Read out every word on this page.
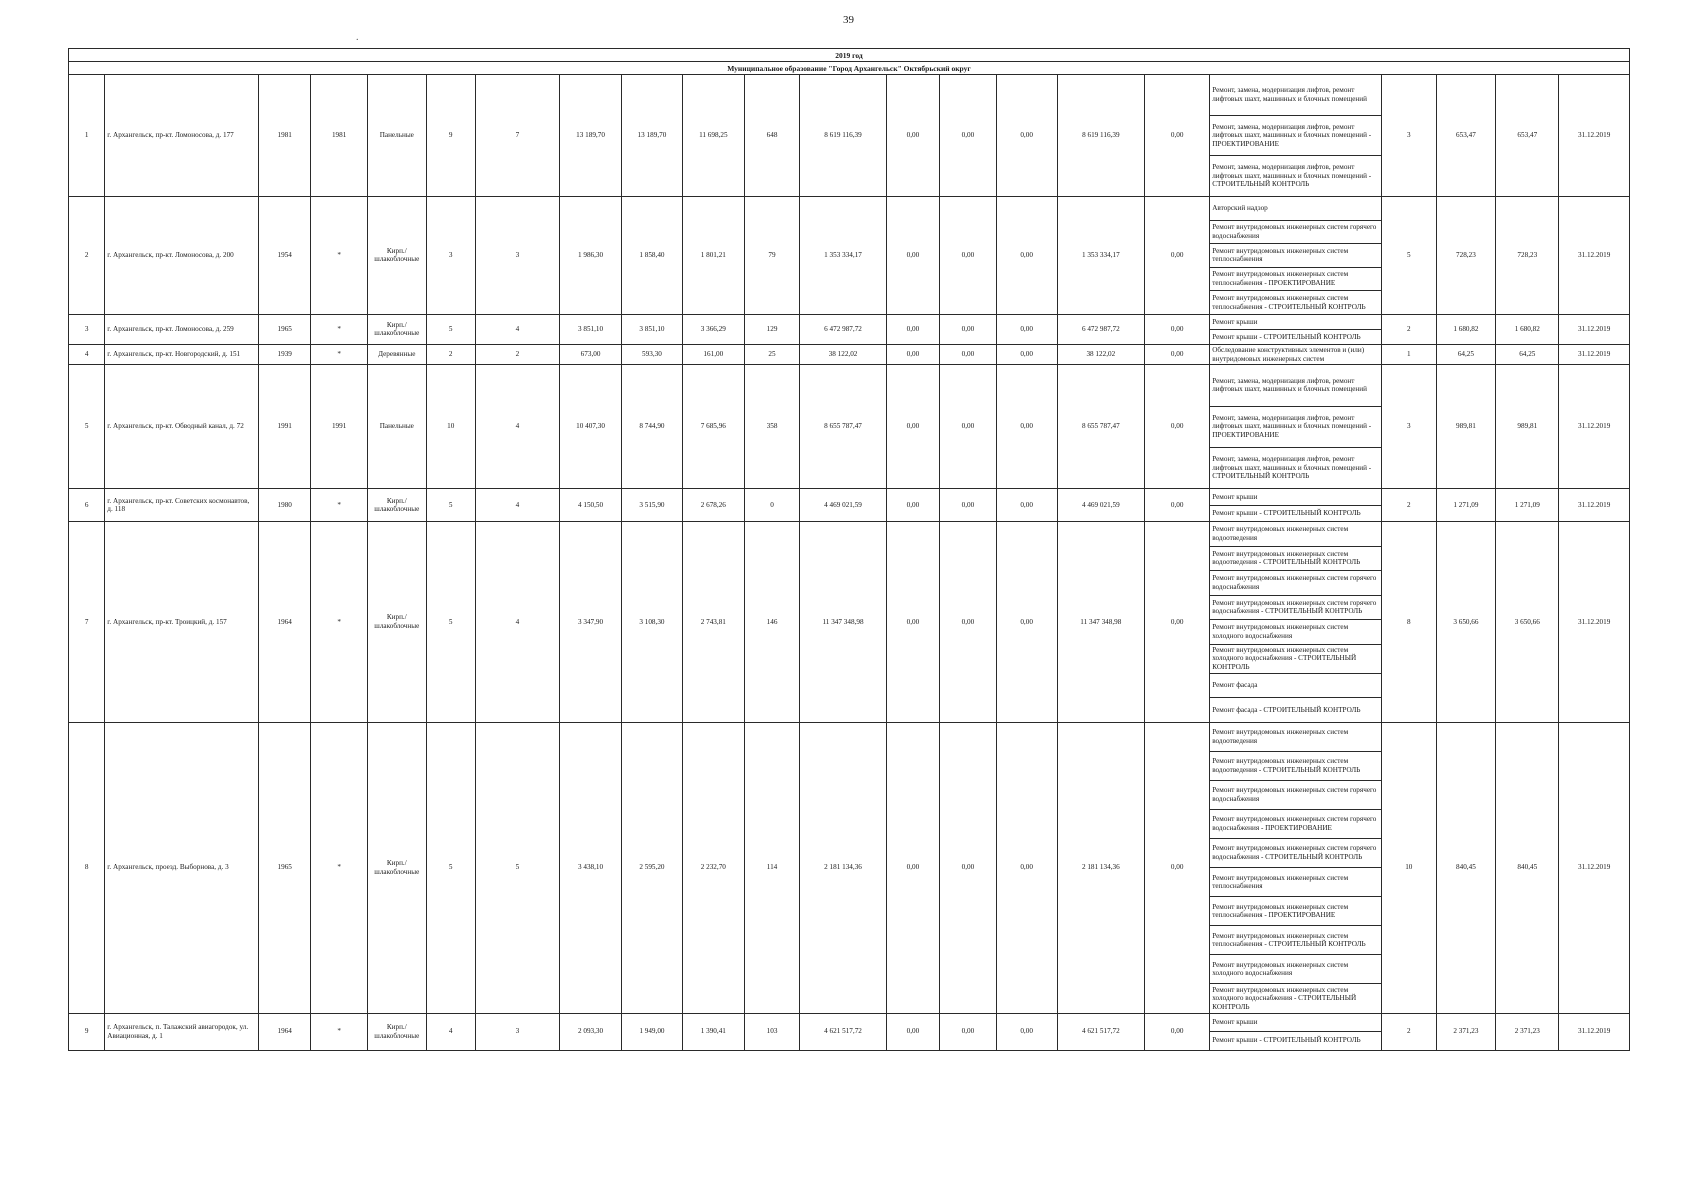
39
.
2019 год																					
Муниципальное образование "Город Архангельск" Октябрьский округ																					
1	г. Архангельск, пр-кт. Ломоносова, д. 177	1981	1981	Панельные	9	7	13 189,70	13 189,70	11 698,25	648	8 619 116,39	0,00	0,00	0,00	8 619 116,39	0,00	Ремонт, замена, модернизация лифтов, ремонт лифтовых шахт, машинных и блочных помещений	3	653,47	653,47	31.12.2019
																	Ремонт, замена, модернизация лифтов, ремонт лифтовых шахт, машинных и блочных помещений - ПРОЕКТИРОВАНИЕ				
																	Ремонт, замена, модернизация лифтов, ремонт лифтовых шахт, машинных и блочных помещений - СТРОИТЕЛЬНЫЙ КОНТРОЛЬ				
2	г. Архангельск, пр-кт. Ломоносова, д. 200	1954	*	Кирп./ шлакоблочные	3	3	1 986,30	1 858,40	1 801,21	79	1 353 334,17	0,00	0,00	0,00	1 353 334,17	0,00	Авторский надзор	5	728,23	728,23	31.12.2019
																	Ремонт внутридомовых инженерных систем горячего водоснабжения				
																	Ремонт внутридомовых инженерных систем теплоснабжения				
																	Ремонт внутридомовых инженерных систем теплоснабжения - ПРОЕКТИРОВАНИЕ				
																	Ремонт внутридомовых инженерных систем теплоснабжения - СТРОИТЕЛЬНЫЙ КОНТРОЛЬ				
3	г. Архангельск, пр-кт. Ломоносова, д. 259	1965	*	Кирп./ шлакоблочные	5	4	3 851,10	3 851,10	3 366,29	129	6 472 987,72	0,00	0,00	0,00	6 472 987,72	0,00	Ремонт крыши	2	1 680,82	1 680,82	31.12.2019
																	Ремонт крыши - СТРОИТЕЛЬНЫЙ КОНТРОЛЬ				
4	г. Архангельск, пр-кт. Новгородский, д. 151	1939	*	Деревянные	2	2	673,00	593,30	161,00	25	38 122,02	0,00	0,00	0,00	38 122,02	0,00	Обследование конструктивных элементов и (или) внутридомовых инженерных систем	1	64,25	64,25	31.12.2019
5	г. Архангельск, пр-кт. Обводный канал, д. 72	1991	1991	Панельные	10	4	10 407,30	8 744,90	7 685,96	358	8 655 787,47	0,00	0,00	0,00	8 655 787,47	0,00	Ремонт, замена, модернизация лифтов, ремонт лифтовых шахт, машинных и блочных помещений	3	989,81	989,81	31.12.2019
																	Ремонт, замена, модернизация лифтов, ремонт лифтовых шахт, машинных и блочных помещений - ПРОЕКТИРОВАНИЕ				
																	Ремонт, замена, модернизация лифтов, ремонт лифтовых шахт, машинных и блочных помещений - СТРОИТЕЛЬНЫЙ КОНТРОЛЬ				
6	г. Архангельск, пр-кт. Советских космонавтов, д. 118	1980	*	Кирп./ шлакоблочные	5	4	4 150,50	3 515,90	2 678,26	0	4 469 021,59	0,00	0,00	0,00	4 469 021,59	0,00	Ремонт крыши	2	1 271,09	1 271,09	31.12.2019
																	Ремонт крыши - СТРОИТЕЛЬНЫЙ КОНТРОЛЬ				
7	г. Архангельск, пр-кт. Троицкий, д. 157	1964	*	Кирп./ шлакоблочные	5	4	3 347,90	3 108,30	2 743,81	146	11 347 348,98	0,00	0,00	0,00	11 347 348,98	0,00	Ремонт внутридомовых инженерных систем водоотведения	8	3 650,66	3 650,66	31.12.2019
																	Ремонт внутридомовых инженерных систем водоотведения - СТРОИТЕЛЬНЫЙ КОНТРОЛЬ				
																	Ремонт внутридомовых инженерных систем горячего водоснабжения				
																	Ремонт внутридомовых инженерных систем горячего водоснабжения - СТРОИТЕЛЬНЫЙ КОНТРОЛЬ				
																	Ремонт внутридомовых инженерных систем холодного водоснабжения				
																	Ремонт внутридомовых инженерных систем холодного водоснабжения - СТРОИТЕЛЬНЫЙ КОНТРОЛЬ				
																	Ремонт фасада				
																	Ремонт фасада - СТРОИТЕЛЬНЫЙ КОНТРОЛЬ				
8	г. Архангельск, проезд. Выборнова, д. 3	1965	*	Кирп./ шлакоблочные	5	5	3 438,10	2 595,20	2 232,70	114	2 181 134,36	0,00	0,00	0,00	2 181 134,36	0,00	Ремонт внутридомовых инженерных систем водоотведения	10	840,45	840,45	31.12.2019
																	Ремонт внутридомовых инженерных систем водоотведения - СТРОИТЕЛЬНЫЙ КОНТРОЛЬ				
																	Ремонт внутридомовых инженерных систем горячего водоснабжения				
																	Ремонт внутридомовых инженерных систем горячего водоснабжения - ПРОЕКТИРОВАНИЕ				
																	Ремонт внутридомовых инженерных систем горячего водоснабжения - СТРОИТЕЛЬНЫЙ КОНТРОЛЬ				
																	Ремонт внутридомовых инженерных систем теплоснабжения				
																	Ремонт внутридомовых инженерных систем теплоснабжения - ПРОЕКТИРОВАНИЕ				
																	Ремонт внутридомовых инженерных систем теплоснабжения - СТРОИТЕЛЬНЫЙ КОНТРОЛЬ				
																	Ремонт внутридомовых инженерных систем холодного водоснабжения				
																	Ремонт внутридомовых инженерных систем холодного водоснабжения - СТРОИТЕЛЬНЫЙ КОНТРОЛЬ				
9	г. Архангельск, п. Талажский авиагородок, ул. Авиационная, д. 1	1964	*	Кирп./ шлакоблочные	4	3	2 093,30	1 949,00	1 390,41	103	4 621 517,72	0,00	0,00	0,00	4 621 517,72	0,00	Ремонт крыши	2	2 371,23	2 371,23	31.12.2019
																	Ремонт крыши - СТРОИТЕЛЬНЫЙ КОНТРОЛЬ				
